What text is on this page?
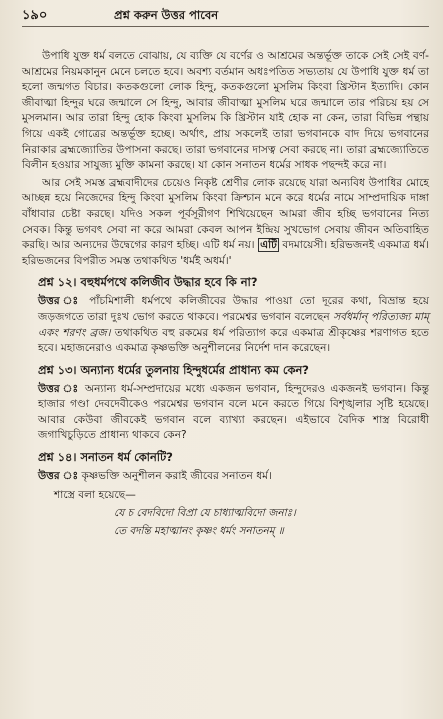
১৯০	প্রশ্ন করুন উত্তর পাবেন

উপাধি যুক্ত ধর্ম বলতে বোঝায়, যে ব্যক্তি যে বর্ণের ও আশ্রমের অন্তর্ভূক্ত তাকে সেই সেই বর্ণ-আশ্রমের নিয়মকানুন মেনে চলতে হবে। অবশ্য বর্তমান অধঃপতিত সভ্যতায় যে উপাধি যুক্ত ধর্ম তা হলো জন্মগত বিচার। কতকগুলো লোক হিন্দু, কতকগুলো মুসলিম কিংবা খ্রিস্টান ইত্যাদি। কোন জীবাত্মা হিন্দুর ঘরে জন্মালে সে হিন্দু, আবার জীবাত্মা মুসলিম ঘরে জন্মালে তার পরিচয় হয় সে মুসলমান। আর তারা হিন্দু হোক কিংবা মুসলিম কি খ্রিস্টান যাই হোক না কেন, তারা বিভিন্ন পন্থায় গিয়ে একই গোত্রের অন্তর্ভূক্ত হচ্ছে। অর্থাৎ, প্রায় সকলেই তারা ভগবানকে বাদ দিয়ে ভগবানের নিরাকার ব্রহ্মজ্যোতির উপাসনা করছে। তারা ভগবানের দাসত্ব সেবা করছে না। তারা ব্রহ্মজ্যোতিতে বিলীন হওয়ার সাযুজ্য মুক্তি কামনা করছে। যা কোন সনাতন ধর্মের সাধক পছন্দই করে না।

আর সেই সমস্ত ব্রহ্মবাদীদের চেয়েও নিকৃষ্ট শ্রেণীর লোক রয়েছে যারা অন্যবিধ উপাধির মোহে আচ্ছন্ন হয়ে নিজেদের হিন্দু কিংবা মুসলিম কিংবা ক্রিশ্চান মনে করে ধর্মের নামে সাম্প্রদায়িক দাঙ্গা বাঁধাবার চেষ্টা করছে। যদিও সকল পূর্বসূরীগণ শিখিয়েছেন আমরা জীব হচ্ছি ভগবানের নিত্য সেবক। কিন্তু ভগবৎ সেবা না করে আমরা কেবল আপন ইন্দ্রিয় সুখভোগ সেবায় জীবন অতিবাহিত করছি। আর অন্যদের উদ্বেগের কারণ হচ্ছি। এটি ধর্ম নয়। এটি বদমায়েসী। হরিভজনই একমাত্র ধর্ম। হরিভজনের বিপরীত সমস্ত তথাকথিত 'ধর্মই অধর্ম।'

প্রশ্ন ১২। বহুধর্মপথে কলিজীব উদ্ধার হবে কি না?

উত্তর ঃ পাঁচমিশালী ধর্মপথে কলিজীবের উদ্ধার পাওয়া তো দূরের কথা, বিভ্রান্ত হয়ে জড়জগতে তারা দুঃখ ভোগ করতে থাকবে। পরমেশ্বর ভগবান বলেছেন সর্বধর্মান্ পরিত্যজ্য মাম্ একং শরণং ব্রজ। তথাকথিত বহু রকমের ধর্ম পরিত্যাগ করে একমাত্র শ্রীকৃষ্ণের শরণাগত হতে হবে। মহাজনেরাও একমাত্র কৃষ্ণভক্তি অনুশীলনের নির্দেশ দান করেছেন।

প্রশ্ন ১৩। অন্যান্য ধর্মের তুলনায় হিন্দুধর্মের প্রাধান্য কম কেন?

উত্তর ঃ অন্যান্য ধর্ম-সম্প্রদায়ের মধ্যে একজন ভগবান, হিন্দুদেরও একজনই ভগবান। কিন্তু হাজার গণ্ডা দেবদেবীকেও পরমেশ্বর ভগবান বলে মনে করতে গিয়ে বিশৃঙ্খলার সৃষ্টি হয়েছে। আবার কেউবা জীবকেই ভগবান বলে ব্যাখ্যা করছেন। এইভাবে বৈদিক শাস্ত্র বিরোধী জগাখিচুড়িতে প্রাধান্য থাকবে কেন?

প্রশ্ন ১৪। সনাতন ধর্ম কোনটি?

উত্তর ঃ কৃষ্ণভক্তি অনুশীলন করাই জীবের সনাতন ধর্ম।

শাস্ত্রে বলা হয়েছে—
যে চ বেদবিদো বিপ্রা যে চাধ্যাত্মবিদো জনাঃ।
তে বদন্তি মহাত্মানং কৃষ্ণং ধর্মং সনাতনম্ ॥
